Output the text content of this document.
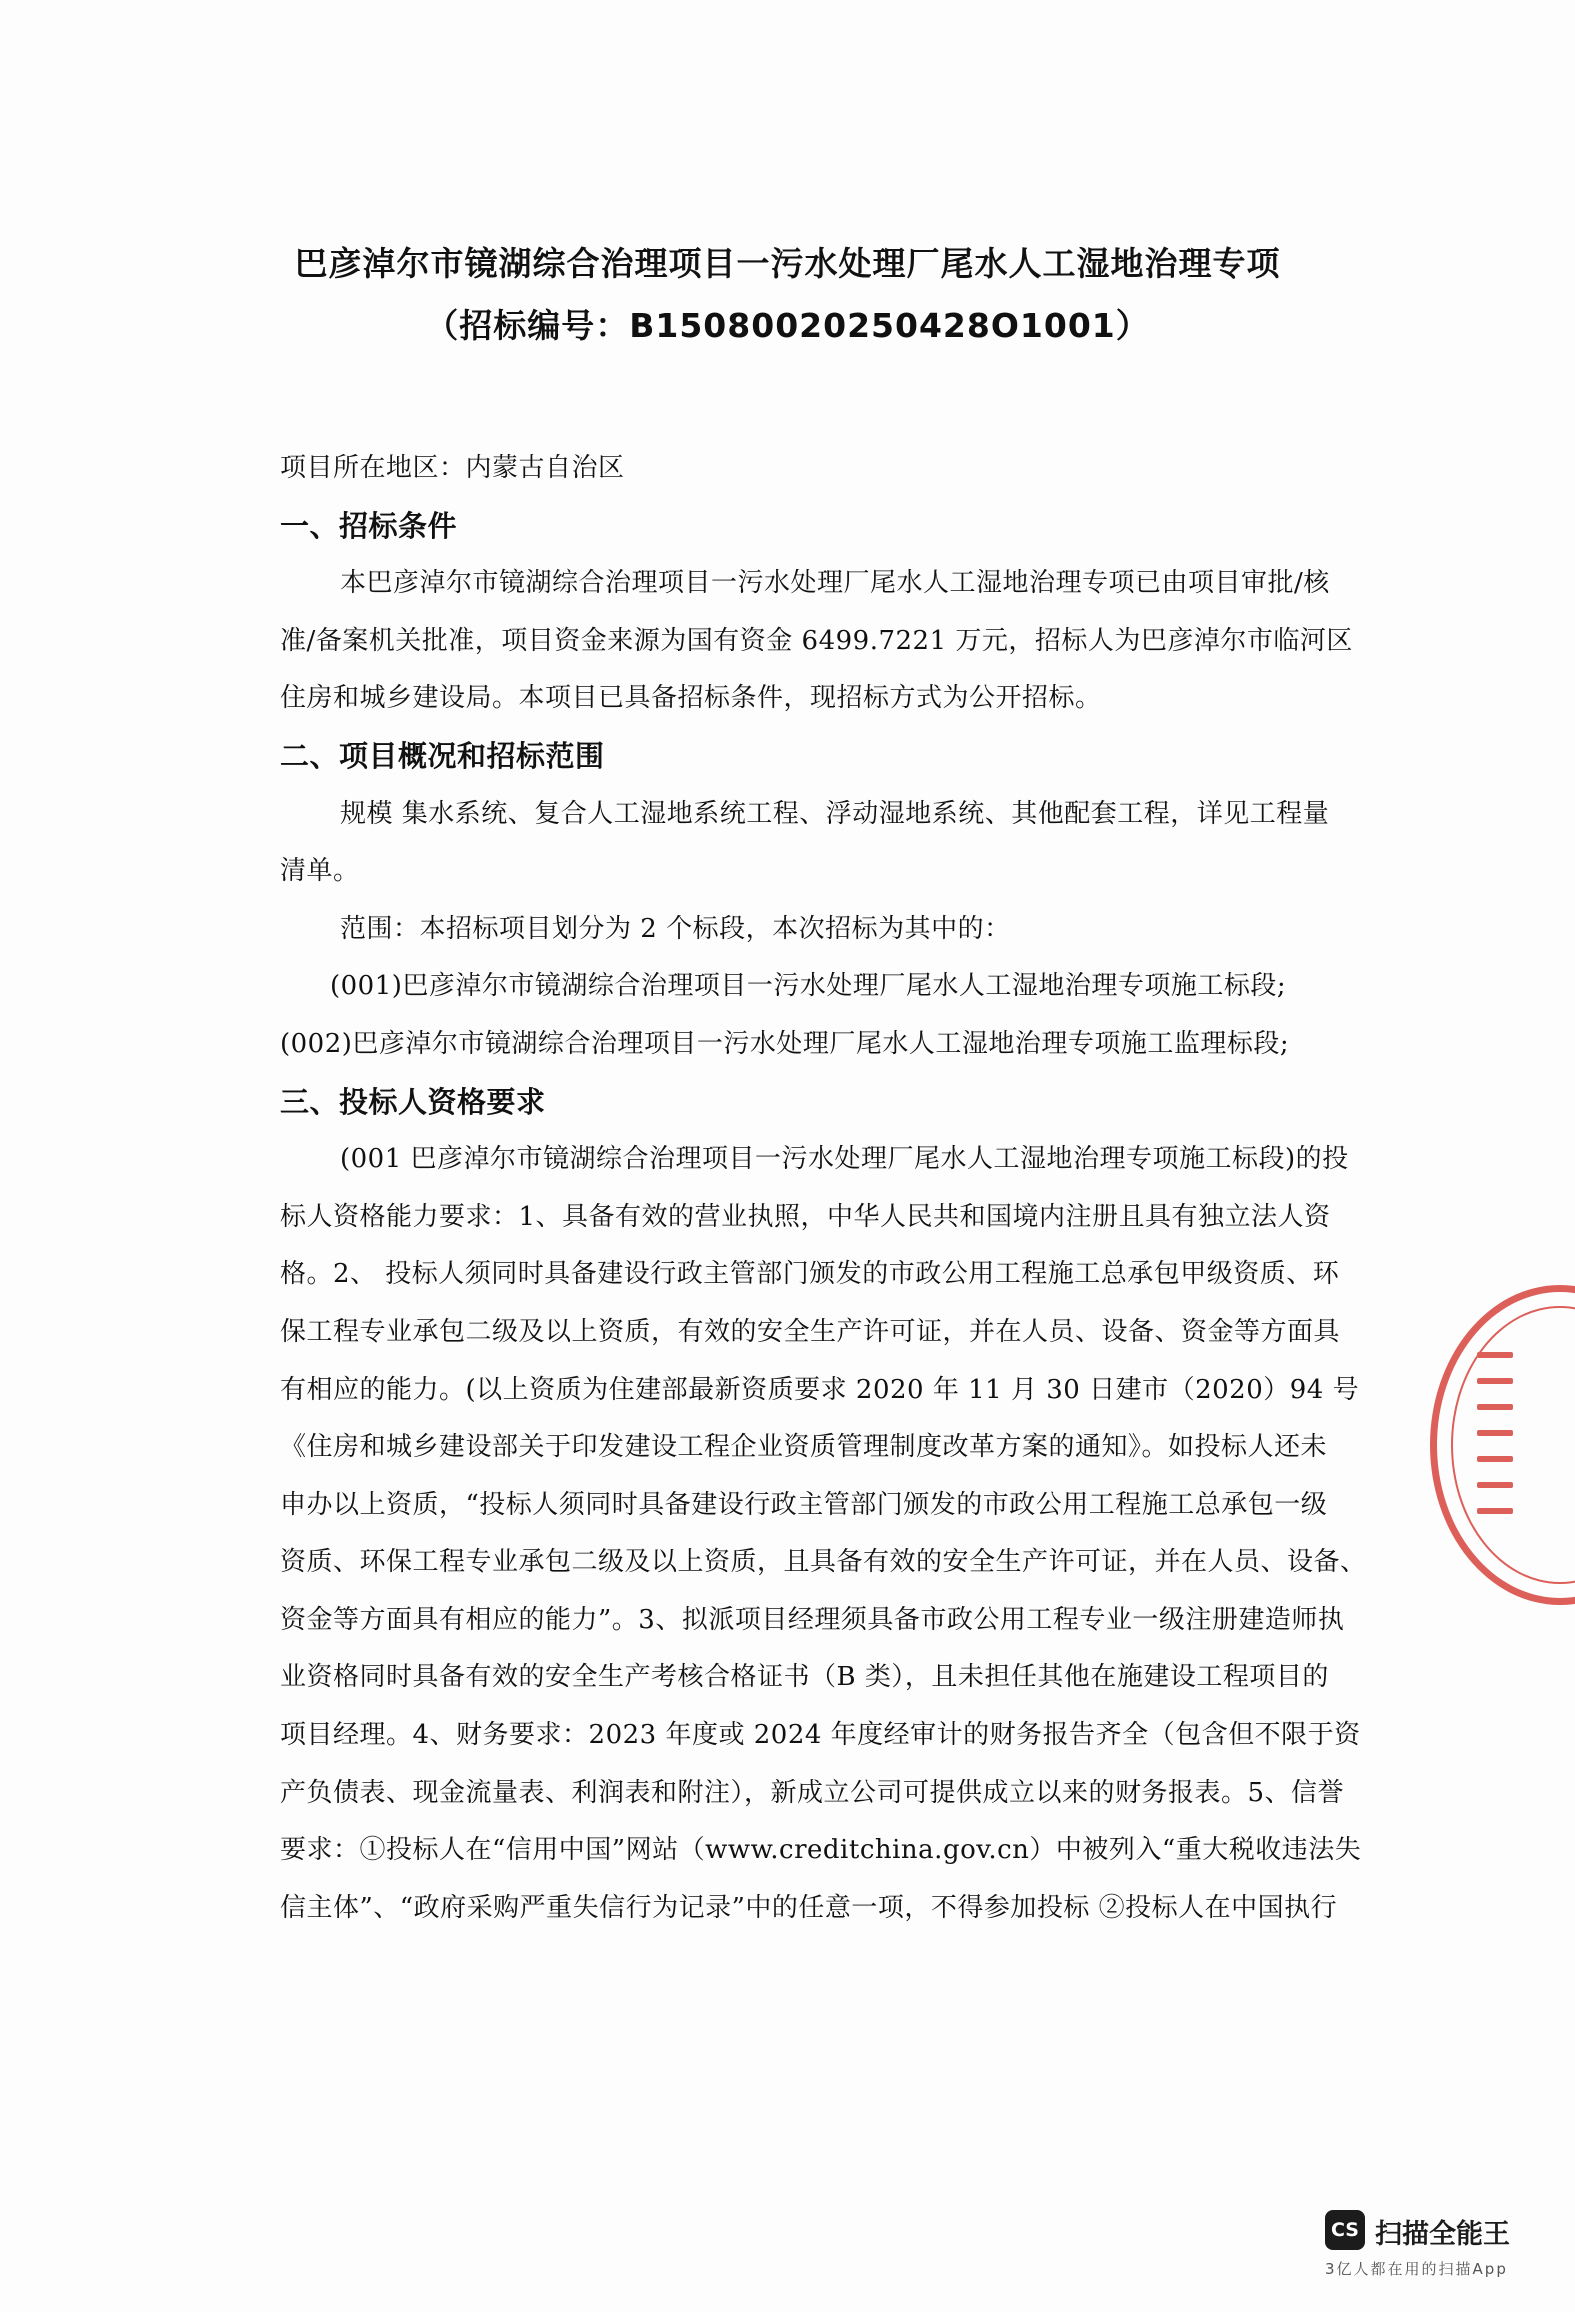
巴彦淖尔市镜湖综合治理项目一污水处理厂尾水人工湿地治理专项
（招标编号：B15080020250428O1001）
项目所在地区：内蒙古自治区
一、招标条件
本巴彦淖尔市镜湖综合治理项目一污水处理厂尾水人工湿地治理专项已由项目审批/核
准/备案机关批准，项目资金来源为国有资金 6499.7221 万元，招标人为巴彦淖尔市临河区
住房和城乡建设局。本项目已具备招标条件，现招标方式为公开招标。
二、项目概况和招标范围
规模 集水系统、复合人工湿地系统工程、浮动湿地系统、其他配套工程，详见工程量
清单。
范围：本招标项目划分为 2 个标段，本次招标为其中的：
(001)巴彦淖尔市镜湖综合治理项目一污水处理厂尾水人工湿地治理专项施工标段;
(002)巴彦淖尔市镜湖综合治理项目一污水处理厂尾水人工湿地治理专项施工监理标段;
三、投标人资格要求
(001 巴彦淖尔市镜湖综合治理项目一污水处理厂尾水人工湿地治理专项施工标段)的投
标人资格能力要求：1、具备有效的营业执照，中华人民共和国境内注册且具有独立法人资
格。2、 投标人须同时具备建设行政主管部门颁发的市政公用工程施工总承包甲级资质、环
保工程专业承包二级及以上资质，有效的安全生产许可证，并在人员、设备、资金等方面具
有相应的能力。(以上资质为住建部最新资质要求 2020 年 11 月 30 日建市（2020）94 号
《住房和城乡建设部关于印发建设工程企业资质管理制度改革方案的通知》。如投标人还未
申办以上资质，“投标人须同时具备建设行政主管部门颁发的市政公用工程施工总承包一级
资质、环保工程专业承包二级及以上资质，且具备有效的安全生产许可证，并在人员、设备、
资金等方面具有相应的能力”。3、拟派项目经理须具备市政公用工程专业一级注册建造师执
业资格同时具备有效的安全生产考核合格证书（B 类），且未担任其他在施建设工程项目的
项目经理。4、财务要求：2023 年度或 2024 年度经审计的财务报告齐全（包含但不限于资
产负债表、现金流量表、利润表和附注），新成立公司可提供成立以来的财务报表。5、信誉
要求：①投标人在“信用中国”网站（www.creditchina.gov.cn）中被列入“重大税收违法失
信主体”、“政府采购严重失信行为记录”中的任意一项，不得参加投标 ②投标人在中国执行
CS 扫描全能王
3亿人都在用的扫描App
